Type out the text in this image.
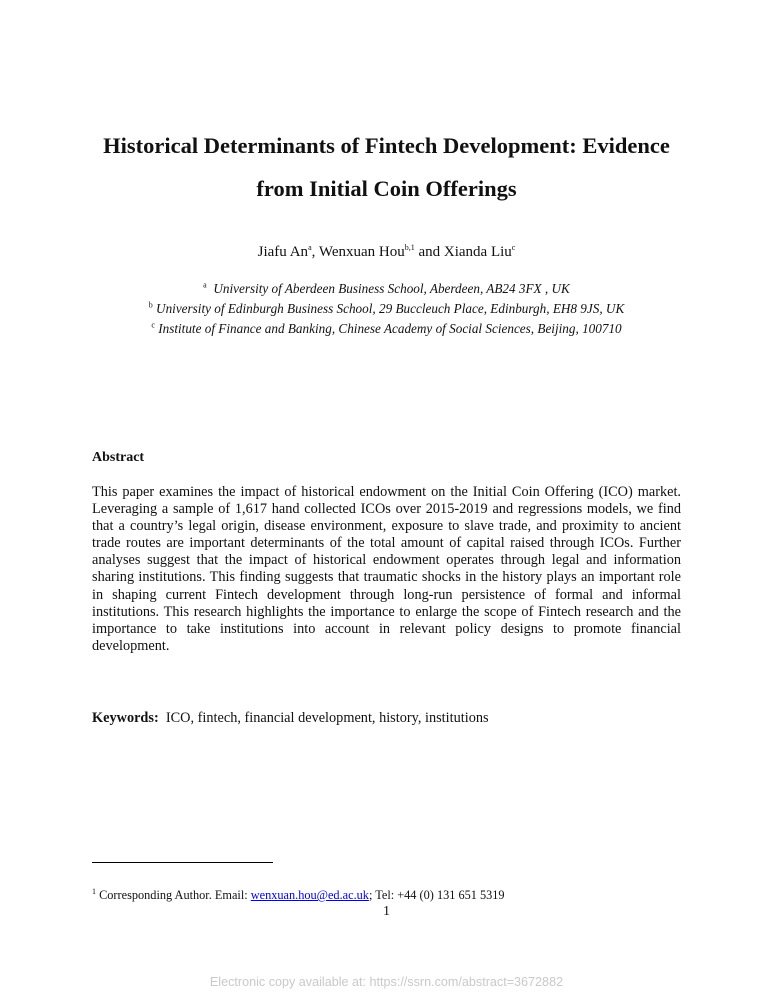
Historical Determinants of Fintech Development: Evidence
from Initial Coin Offerings
Jiafu An$^a$, Wenxuan Hou$^{b,1}$ and Xianda Liu$^c$
$^a$ University of Aberdeen Business School, Aberdeen, AB24 3FX , UK
$^b$ University of Edinburgh Business School, 29 Buccleuch Place, Edinburgh, EH8 9JS, UK
$^c$ Institute of Finance and Banking, Chinese Academy of Social Sciences, Beijing, 100710
Abstract

This paper examines the impact of historical endowment on the Initial Coin Offering (ICO) market. Leveraging a sample of 1,617 hand collected ICOs over 2015-2019 and regressions models, we find that a country’s legal origin, disease environment, exposure to slave trade, and proximity to ancient trade routes are important determinants of the total amount of capital raised through ICOs. Further analyses suggest that the impact of historical endowment operates through legal and information sharing institutions. This finding suggests that traumatic shocks in the history plays an important role in shaping current Fintech development through long-run persistence of formal and informal institutions. This research highlights the importance to enlarge the scope of Fintech research and the importance to take institutions into account in relevant policy designs to promote financial development.

Keywords: ICO, fintech, financial development, history, institutions
$^1$ Corresponding Author. Email: wenxuan.hou@ed.ac.uk; Tel: +44 (0) 131 651 5319
1
Electronic copy available at: https://ssrn.com/abstract=3672882
